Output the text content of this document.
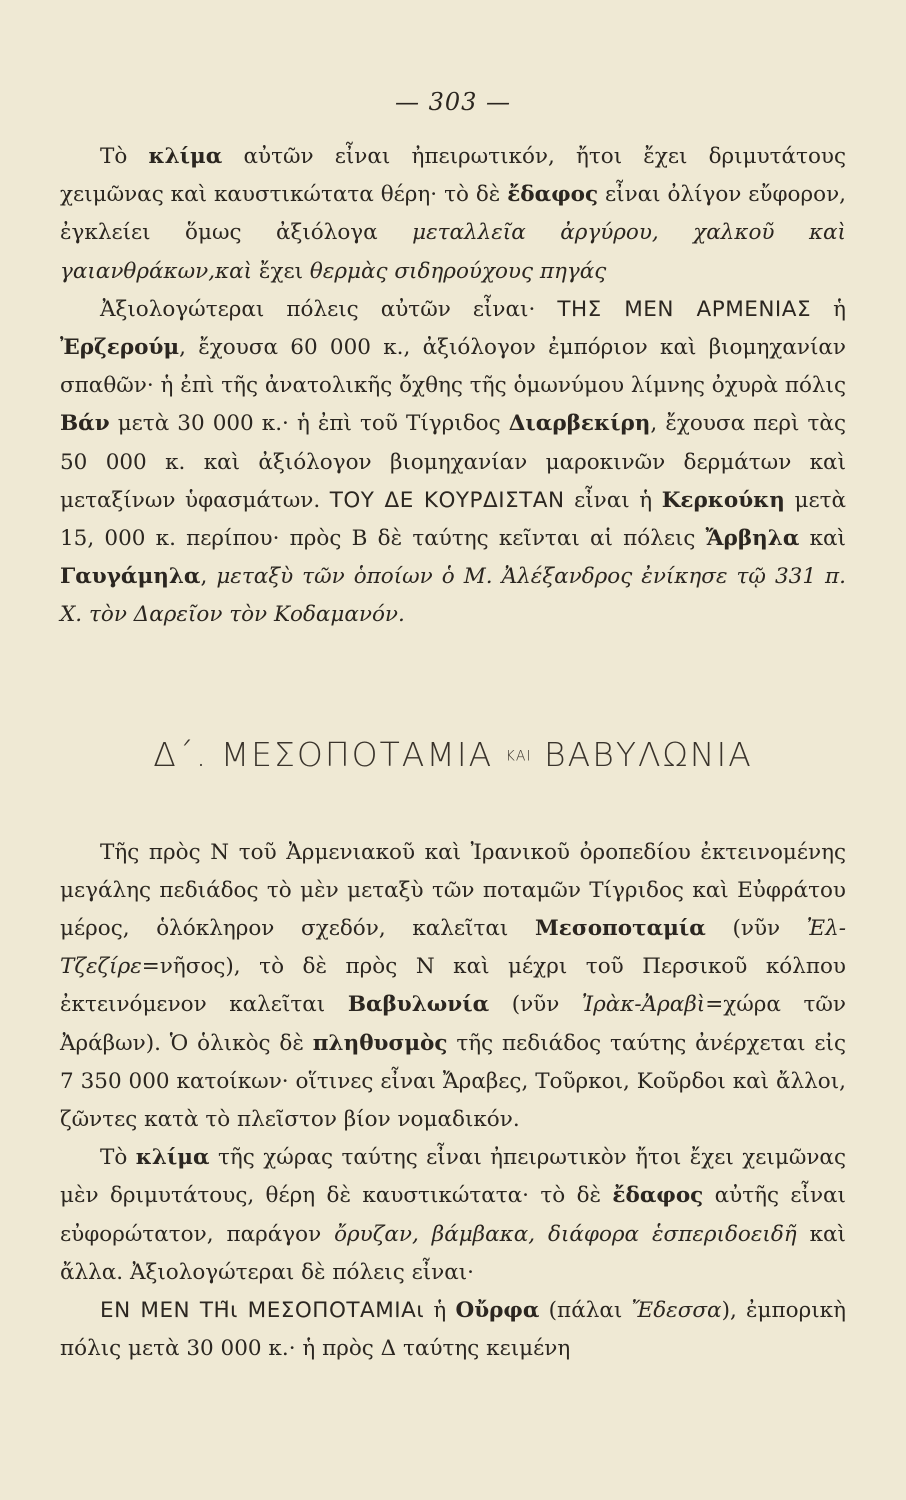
— 303 —

Τὸ κλίμα αὐτῶν εἶναι ἠπειρωτικόν, ἤτοι ἔχει δριμυτάτους χειμῶνας καὶ καυστικώτατα θέρη· τὸ δὲ ἔδαφος εἶναι ὀλίγον εὔφορον, ἐγκλείει ὅμως ἀξιόλογα μεταλλεῖα ἀργύρου, χαλκοῦ καὶ γαιανθράκων,καὶ ἔχει θερμὰς σιδηρούχους πηγάς

Ἀξιολογώτεραι πόλεις αὐτῶν εἶναι· ΤΗΣ ΜΕΝ ΑΡΜΕΝΙΑΣ ἡ Ἐρζερούμ, ἔχουσα 60 000 κ., ἀξιόλογον ἐμπόριον καὶ βιομηχανίαν σπαθῶν· ἡ ἐπὶ τῆς ἀνατολικῆς ὄχθης τῆς ὁμωνύμου λίμνης ὀχυρὰ πόλις Βάν μετὰ 30 000 κ.· ἡ ἐπὶ τοῦ Τίγριδος Διαρβεκίρη, ἔχουσα περὶ τὰς 50 000 κ. καὶ ἀξιόλογον βιομηχανίαν μαροκινῶν δερμάτων καὶ μεταξίνων ὑφασμάτων. ΤΟΥ ΔΕ ΚΟΥΡΔΙΣΤΑΝ εἶναι ἡ Κερκούκη μετὰ 15, 000 κ. περίπου· πρὸς Β δὲ ταύτης κεῖνται αἱ πόλεις Ἄρβηλα καὶ Γαυγάμηλα, μεταξὺ τῶν ὁποίων ὁ Μ. Ἀλέξανδρος ἐνίκησε τῷ 331 π. Χ. τὸν Δαρεῖον τὸν Κοδαμανόν.

Δ΄. ΜΕΣΟΠΟΤΑΜΙΑ ΚΑΙ ΒΑΒΥΛΩΝΙΑ

Τῆς πρὸς Ν τοῦ Ἀρμενιακοῦ καὶ Ἰρανικοῦ ὀροπεδίου ἐκτεινομένης μεγάλης πεδιάδος τὸ μὲν μεταξὺ τῶν ποταμῶν Τίγριδος καὶ Εὐφράτου μέρος, ὁλόκληρον σχεδόν, καλεῖται Μεσοποταμία (νῦν Ἐλ-Τζεζίρε=νῆσος), τὸ δὲ πρὸς Ν καὶ μέχρι τοῦ Περσικοῦ κόλπου ἐκτεινόμενον καλεῖται Βαβυλωνία (νῦν Ἰρὰκ-Ἀραβὶ=χώρα τῶν Ἀράβων). Ὁ ὁλικὸς δὲ πληθυσμὸς τῆς πεδιάδος ταύτης ἀνέρχεται εἰς 7 350 000 κατοίκων· οἵτινες εἶναι Ἄραβες, Τοῦρκοι, Κοῦρδοι καὶ ἄλλοι, ζῶντες κατὰ τὸ πλεῖστον βίον νομαδικόν.

Τὸ κλίμα τῆς χώρας ταύτης εἶναι ἠπειρωτικὸν ἤτοι ἔχει χειμῶνας μὲν δριμυτάτους, θέρη δὲ καυστικώτατα· τὸ δὲ ἔδαφος αὐτῆς εἶναι εὐφορώτατον, παράγον ὄρυζαν, βάμβακα, διάφορα ἑσπεριδοειδῆ καὶ ἄλλα. Ἀξιολογώτεραι δὲ πόλεις εἶναι·

ΕΝ ΜΕΝ ΤΗ͂ι ΜΕΣΟΠΟΤΑΜΙΑι ἡ Οὔρφα (πάλαι Ἔδεσσα), ἐμπορικὴ πόλις μετὰ 30 000 κ.· ἡ πρὸς Δ ταύτης κειμένη
